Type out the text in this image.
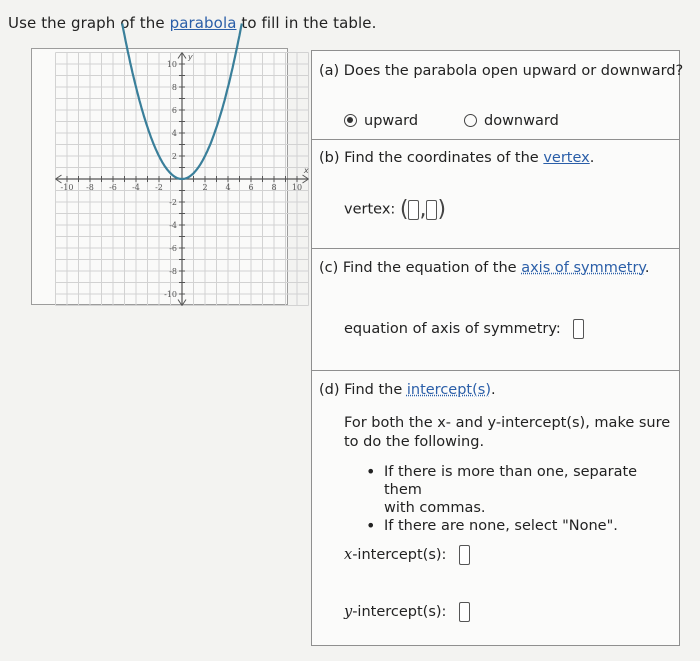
Use the graph of the parabola to fill in the table.
-10 -8 -6 -4 -2	2 4 6 8 10
10
8
6
4
2
-2
-4
-6
-8
-10
x
y
(a) Does the parabola open upward or downward?
upward	downward
(b) Find the coordinates of the vertex.
vertex: ( , )
(c) Find the equation of the axis of symmetry.
equation of axis of symmetry:
(d) Find the intercept(s).
For both the x- and y-intercept(s), make sure
to do the following.
• If there is more than one, separate them
with commas.
• If there are none, select "None".
x-intercept(s):
y-intercept(s):
